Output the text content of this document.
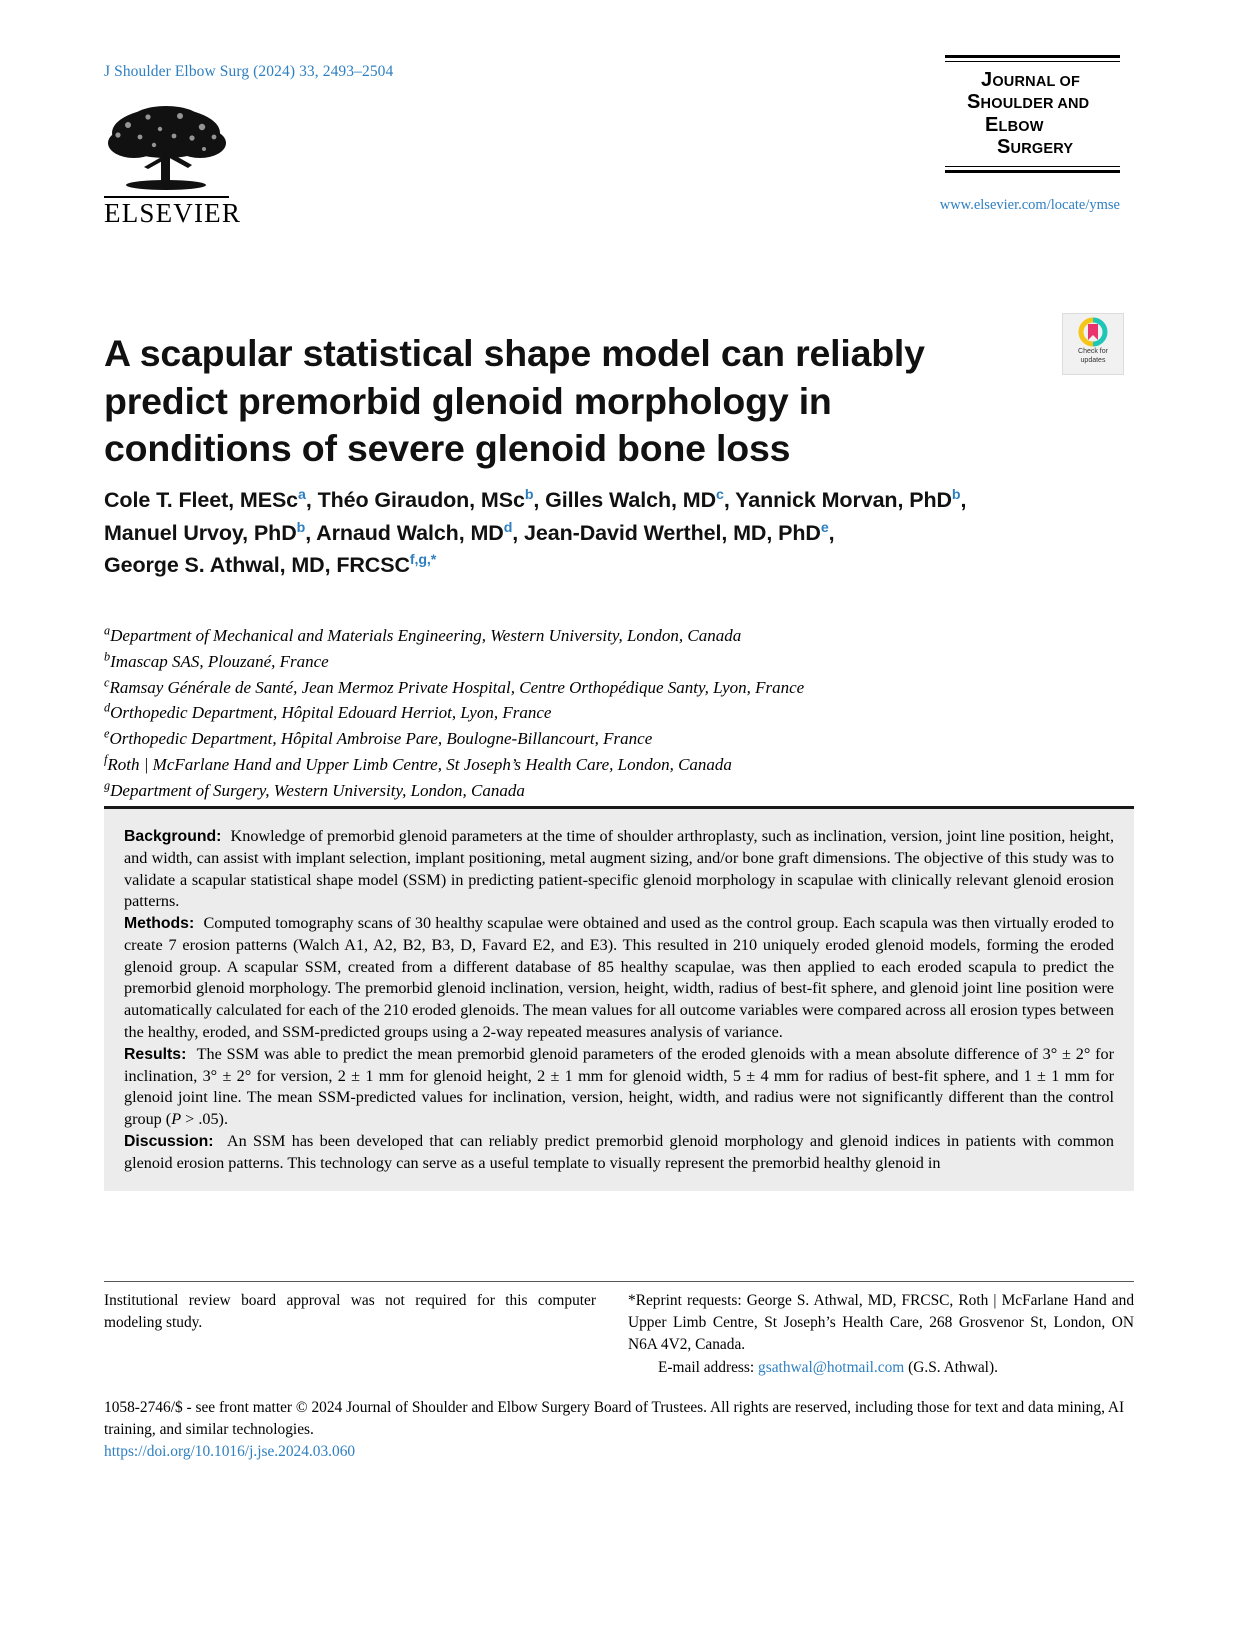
J Shoulder Elbow Surg (2024) 33, 2493–2504
ELSEVIER
JOURNAL OF
SHOULDER AND
ELBOW
SURGERY
www.elsevier.com/locate/ymse
A scapular statistical shape model can reliably
predict premorbid glenoid morphology in
conditions of severe glenoid bone loss
Check for
updates
Cole T. Fleet, MESc$^a$, Théo Giraudon, MSc$^b$, Gilles Walch, $MD^c$, Yannick Morvan, PhD$^b$,
Manuel Urvoy, PhD$^b$, Arnaud Walch, $MD^d$, Jean-David Werthel, MD, PhD$^e$,
George S. Athwal, MD, $FRCSC^{f,g,*}$
$^a$Department of Mechanical and Materials Engineering, Western University, London, Canada
$^b$Imascap SAS, Plouzané, France
$^c$Ramsay Générale de Santé, Jean Mermoz Private Hospital, Centre Orthopédique Santy, Lyon, France
$^d$Orthopedic Department, Hôpital Edouard Herriot, Lyon, France
$^e$Orthopedic Department, Hôpital Ambroise Pare, Boulogne-Billancourt, France
$^f$Roth | McFarlane Hand and Upper Limb Centre, St Joseph’s Health Care, London, Canada
$^g$Department of Surgery, Western University, London, Canada

Background: Knowledge of premorbid glenoid parameters at the time of shoulder arthroplasty, such as inclination, version, joint line position, height, and width, can assist with implant selection, implant positioning, metal augment sizing, and/or bone graft dimensions. The objective of this study was to validate a scapular statistical shape model (SSM) in predicting patient-specific glenoid morphology in scapulae with clinically relevant glenoid erosion patterns.

Methods: Computed tomography scans of 30 healthy scapulae were obtained and used as the control group. Each scapula was then virtually eroded to create 7 erosion patterns (Walch A1, A2, B2, B3, D, Favard E2, and E3). This resulted in 210 uniquely eroded glenoid models, forming the eroded glenoid group. A scapular SSM, created from a different database of 85 healthy scapulae, was then applied to each eroded scapula to predict the premorbid glenoid morphology. The premorbid glenoid inclination, version, height, width, radius of best-fit sphere, and glenoid joint line position were automatically calculated for each of the 210 eroded glenoids. The mean values for all outcome variables were compared across all erosion types between the healthy, eroded, and SSM-predicted groups using a 2-way repeated measures analysis of variance.

Results: The SSM was able to predict the mean premorbid glenoid parameters of the eroded glenoids with a mean absolute difference of 3° ± 2° for inclination, 3° ± 2° for version, 2 ± 1 mm for glenoid height, 2 ± 1 mm for glenoid width, 5 ± 4 mm for radius of best-fit sphere, and 1 ± 1 mm for glenoid joint line. The mean SSM-predicted values for inclination, version, height, width, and radius were not significantly different than the control group (P > .05).

Discussion: An SSM has been developed that can reliably predict premorbid glenoid morphology and glenoid indices in patients with common glenoid erosion patterns. This technology can serve as a useful template to visually represent the premorbid healthy glenoid in

Institutional review board approval was not required for this computer modeling study.
*Reprint requests: George S. Athwal, MD, FRCSC, Roth | McFarlane Hand and Upper Limb Centre, St Joseph’s Health Care, 268 Grosvenor St, London, ON N6A 4V2, Canada.
E-mail address: gsathwal@hotmail.com (G.S. Athwal).
1058-2746/$ - see front matter © 2024 Journal of Shoulder and Elbow Surgery Board of Trustees. All rights are reserved, including those for text and data mining, AI training, and similar technologies.
https://doi.org/10.1016/j.jse.2024.03.060
